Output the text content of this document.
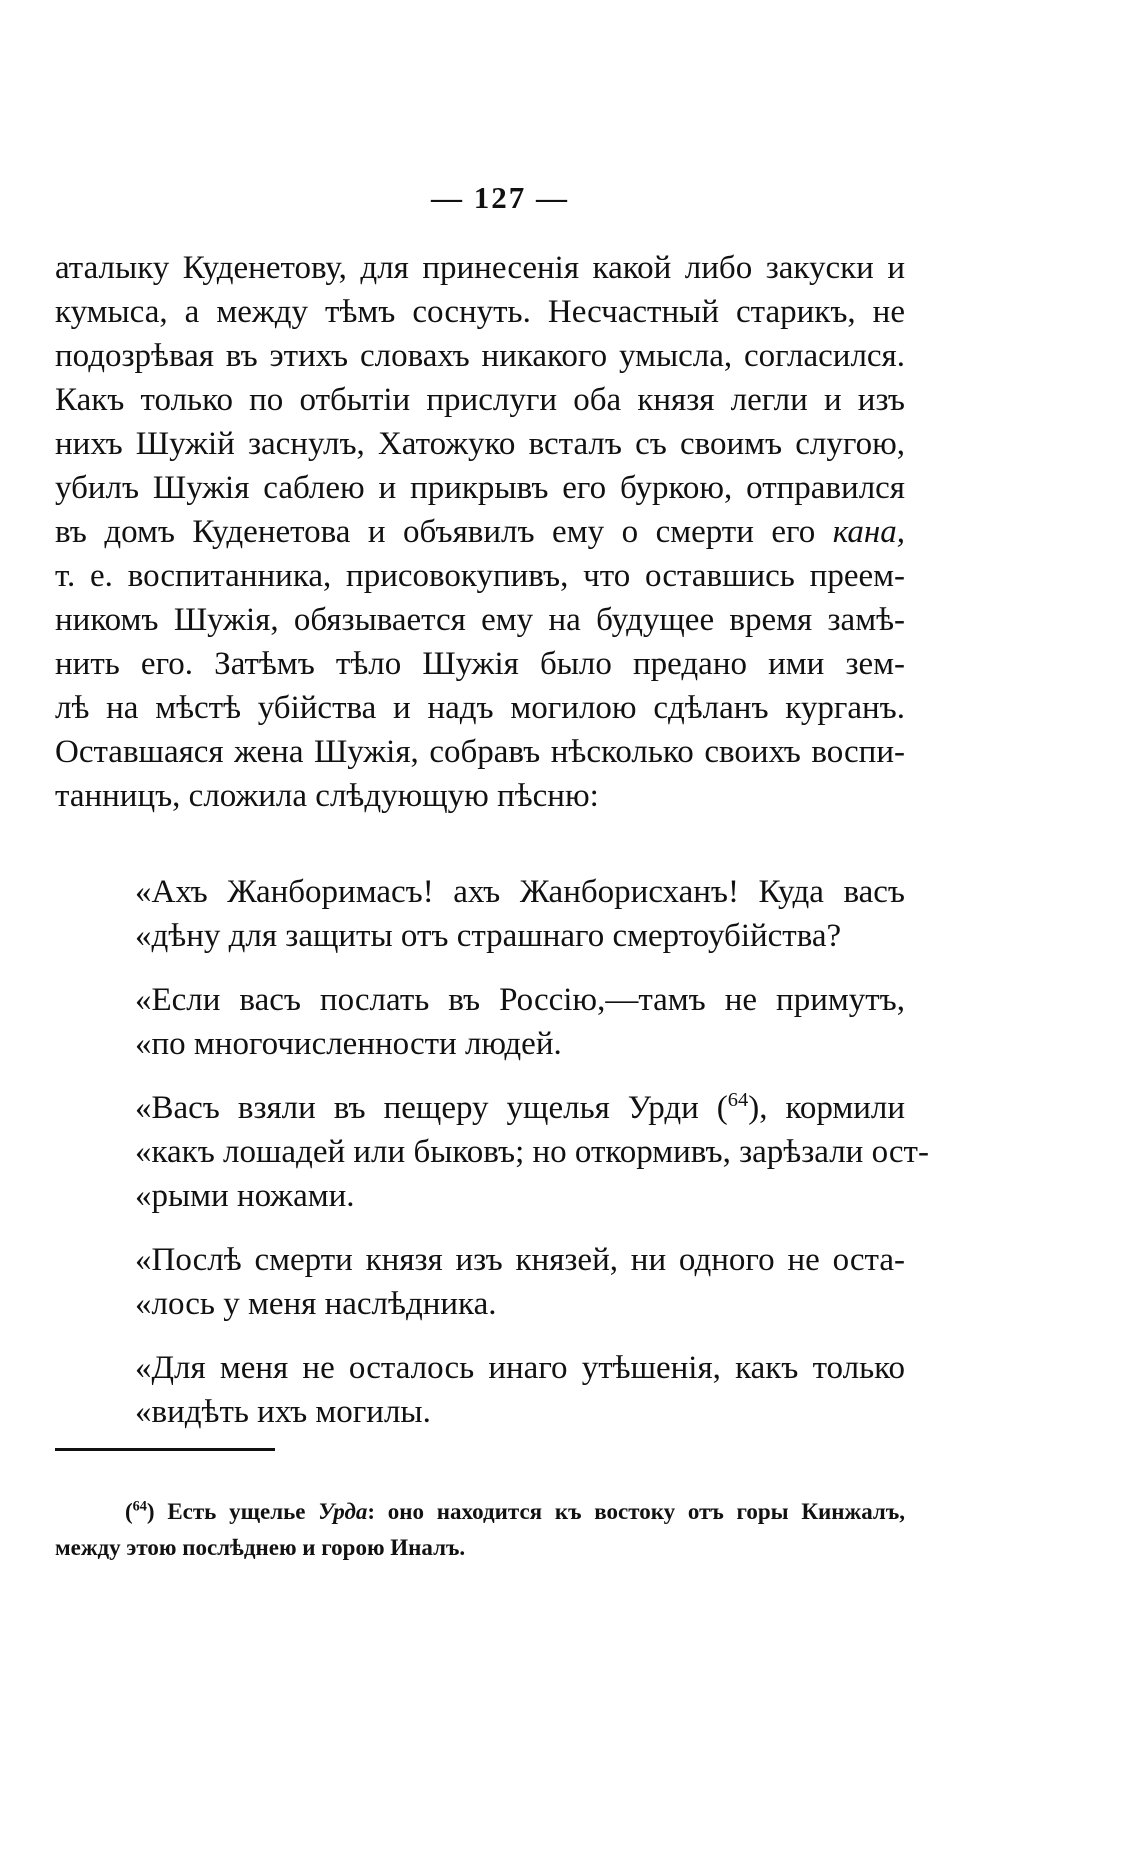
— 127 —
аталыку Куденетову, для принесенія какой либо закуски и
кумыса, а между тѣмъ соснуть. Несчастный старикъ, не
подозрѣвая въ этихъ словахъ никакого умысла, согласился.
Какъ только по отбытіи прислуги оба князя легли и изъ
нихъ Шужій заснулъ, Хатожуко всталъ съ своимъ слугою,
убилъ Шужія саблею и прикрывъ его буркою, отправился
въ домъ Куденетова и объявилъ ему о смерти его кана,
т. е. воспитанника, присовокупивъ, что оставшись преем-
никомъ Шужія, обязывается ему на будущее время замѣ-
нить его. Затѣмъ тѣло Шужія было предано ими зем-
лѣ на мѣстѣ убійства и надъ могилою сдѣланъ курганъ.
Оставшаяся жена Шужія, собравъ нѣсколько своихъ воспи-
танницъ, сложила слѣдующую пѣсню:
«Ахъ Жанборимасъ! ахъ Жанборисханъ! Куда васъ
«дѣну для защиты отъ страшнаго смертоубійства?
«Если васъ послать въ Россію,—тамъ не примутъ,
«по многочисленности людей.
«Васъ взяли въ пещеру ущелья Урди ($^{64}$), кормили
«какъ лошадей или быковъ; но откормивъ, зарѣзали ост-
«рыми ножами.
«Послѣ смерти князя изъ князей, ни одного не оста-
«лось у меня наслѣдника.
«Для меня не осталось инаго утѣшенія, какъ только
«видѣть ихъ могилы.
($^{64}$) Есть ущелье Урда: оно находится къ востоку отъ горы Кинжалъ,
между этою послѣднею и горою Иналъ.
